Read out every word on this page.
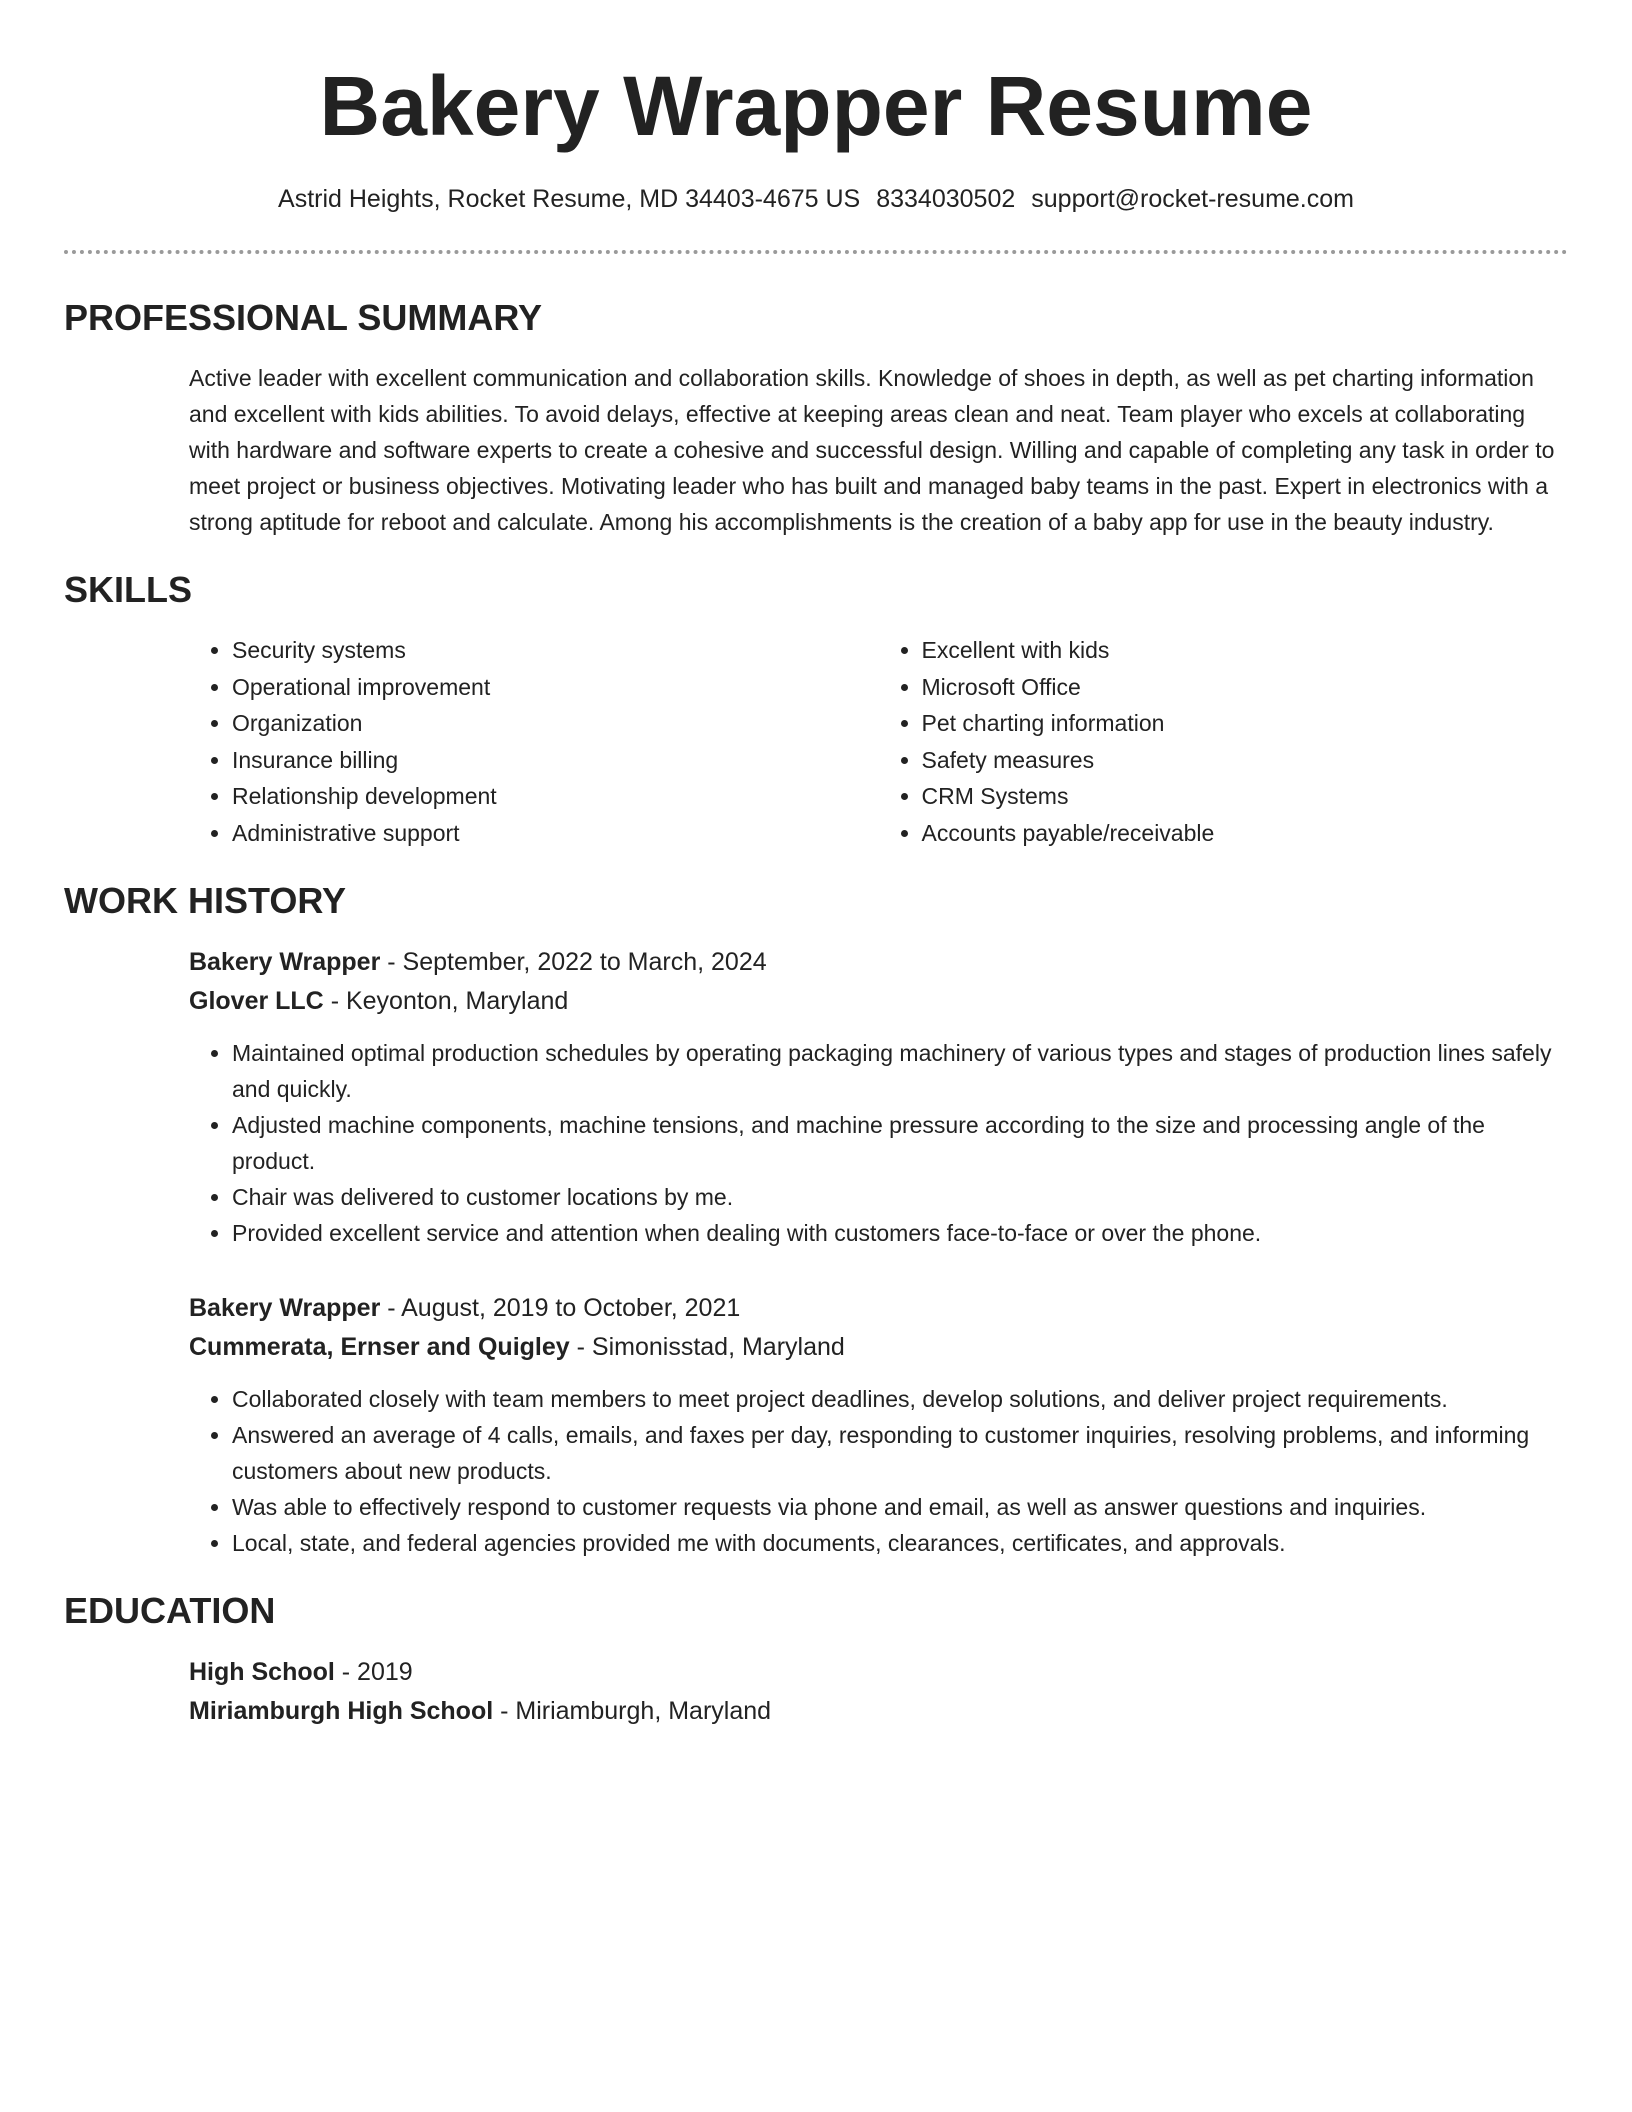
Bakery Wrapper Resume
Astrid Heights, Rocket Resume, MD 34403-4675 US 8334030502 support@rocket-resume.com
PROFESSIONAL SUMMARY
Active leader with excellent communication and collaboration skills. Knowledge of shoes in depth, as well as pet charting information and excellent with kids abilities. To avoid delays, effective at keeping areas clean and neat. Team player who excels at collaborating with hardware and software experts to create a cohesive and successful design. Willing and capable of completing any task in order to meet project or business objectives. Motivating leader who has built and managed baby teams in the past. Expert in electronics with a strong aptitude for reboot and calculate. Among his accomplishments is the creation of a baby app for use in the beauty industry.
SKILLS
• Security systems
• Operational improvement
• Organization
• Insurance billing
• Relationship development
• Administrative support
• Excellent with kids
• Microsoft Office
• Pet charting information
• Safety measures
• CRM Systems
• Accounts payable/receivable
WORK HISTORY
Bakery Wrapper - September, 2022 to March, 2024
Glover LLC - Keyonton, Maryland
• Maintained optimal production schedules by operating packaging machinery of various types and stages of production lines safely and quickly.
• Adjusted machine components, machine tensions, and machine pressure according to the size and processing angle of the product.
• Chair was delivered to customer locations by me.
• Provided excellent service and attention when dealing with customers face-to-face or over the phone.
Bakery Wrapper - August, 2019 to October, 2021
Cummerata, Ernser and Quigley - Simonisstad, Maryland
• Collaborated closely with team members to meet project deadlines, develop solutions, and deliver project requirements.
• Answered an average of 4 calls, emails, and faxes per day, responding to customer inquiries, resolving problems, and informing customers about new products.
• Was able to effectively respond to customer requests via phone and email, as well as answer questions and inquiries.
• Local, state, and federal agencies provided me with documents, clearances, certificates, and approvals.
EDUCATION
High School - 2019
Miriamburgh High School - Miriamburgh, Maryland
